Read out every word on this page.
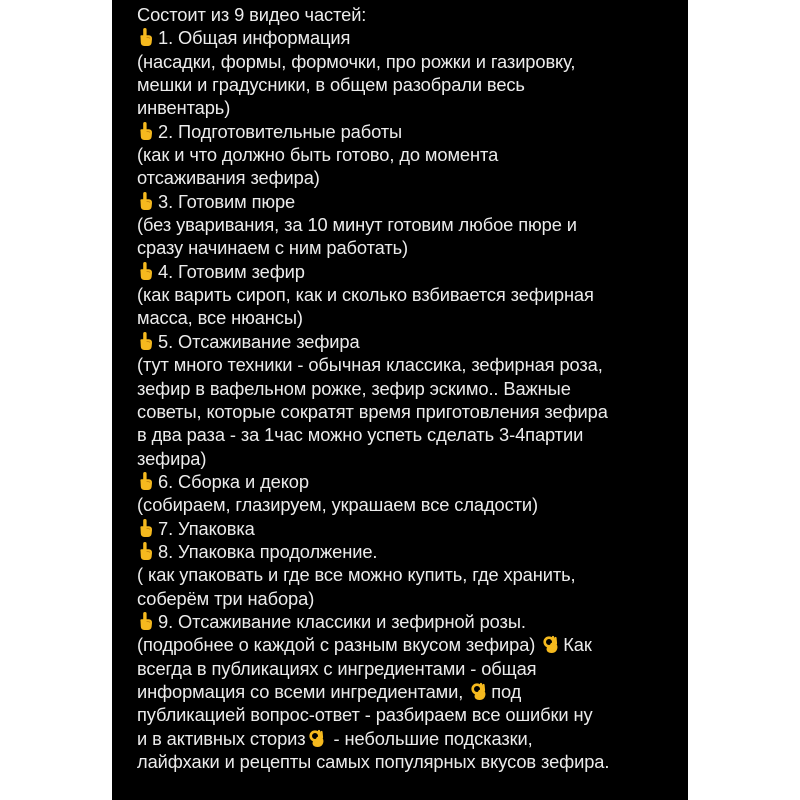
Состоит из 9 видео частей:
1. Общая информация
(насадки, формы, формочки, про рожки и газировку,
мешки и градусники, в общем разобрали весь
инвентарь)
2. Подготовительные работы
(как и что должно быть готово, до момента
отсаживания зефира)
3. Готовим пюре
(без уваривания, за 10 минут готовим любое пюре и
сразу начинаем с ним работать)
4. Готовим зефир
(как варить сироп, как и сколько взбивается зефирная
масса, все нюансы)
5. Отсаживание зефира
(тут много техники - обычная классика, зефирная роза,
зефир в вафельном рожке, зефир эскимо.. Важные
советы, которые сократят время приготовления зефира
в два раза - за 1час можно успеть сделать 3-4партии
зефира)
6. Сборка и декор
(собираем, глазируем, украшаем все сладости)
7. Упаковка
8. Упаковка продолжение.
( как упаковать и где все можно купить, где хранить,
соберём три набора)
9. Отсаживание классики и зефирной розы.
(подробнее о каждой с разным вкусом зефира) Как
всегда в публикациях с ингредиентами - общая
информация со всеми ингредиентами, под
публикацией вопрос-ответ - разбираем все ошибки ну
и в активных сториз
- небольшие подсказки,
лайфхаки и рецепты самых популярных вкусов зефира.
